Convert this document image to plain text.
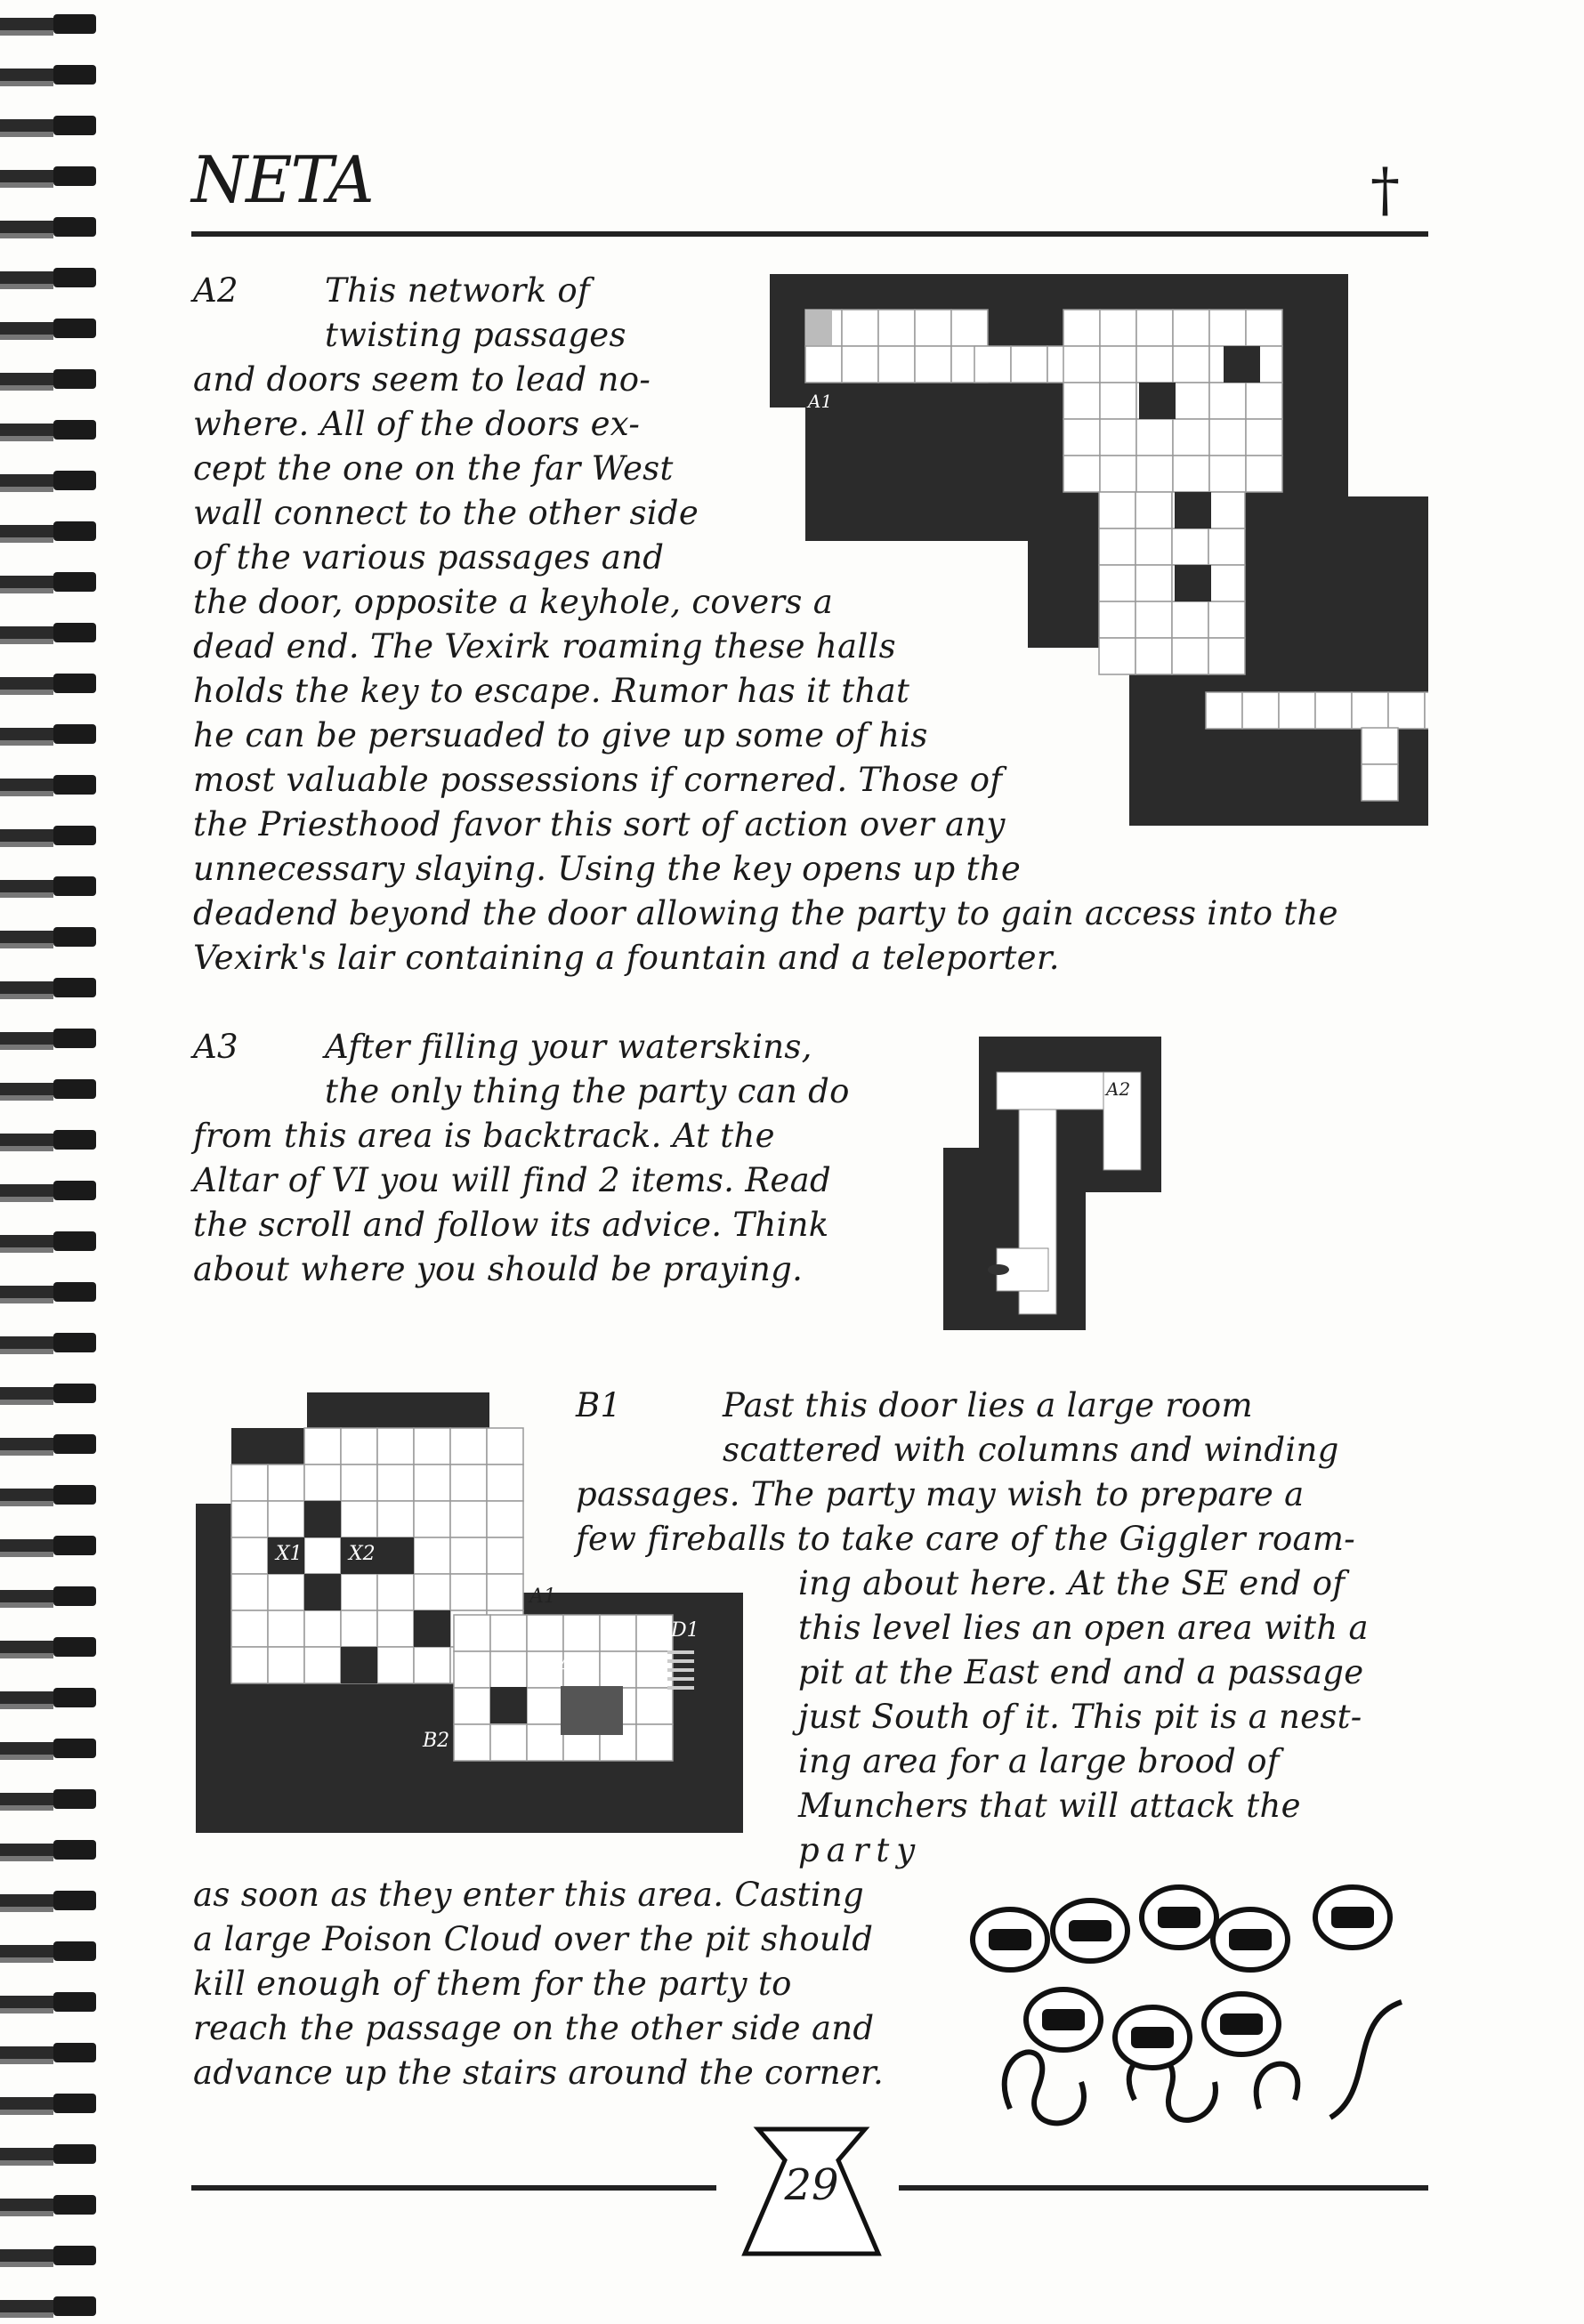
NETA	†

A2	This network of

twisting passages

and doors seem to lead no-

where. All of the doors ex-

cept the one on the far West

wall connect to the other side

of the various passages and

the door, opposite a keyhole, covers a

dead end. The Vexirk roaming these halls

holds the key to escape. Rumor has it that

he can be persuaded to give up some of his

most valuable possessions if cornered. Those of

the Priesthood favor this sort of action over any

unnecessary slaying. Using the key opens up the

deadend beyond the door allowing the party to gain access into the

Vexirk's lair containing a fountain and a teleporter.

A1

A3	After filling your waterskins,

the only thing the party can do

from this area is backtrack. At the

Altar of VI you will find 2 items. Read

the scroll and follow its advice. Think

about where you should be praying.

A2

B1	Past this door lies a large room

scattered with columns and winding

passages. The party may wish to prepare a

few fireballs to take care of the Giggler roam-

ing about here. At the SE end of

this level lies an open area with a

pit at the East end and a passage

just South of it. This pit is a nest-

ing area for a large brood of

Munchers that will attack the

party

as soon as they enter this area. Casting

a large Poison Cloud over the pit should

kill enough of them for the party to

reach the passage on the other side and

advance up the stairs around the corner.

X1 X2
A1
D1
DAIN A2
B2
29
